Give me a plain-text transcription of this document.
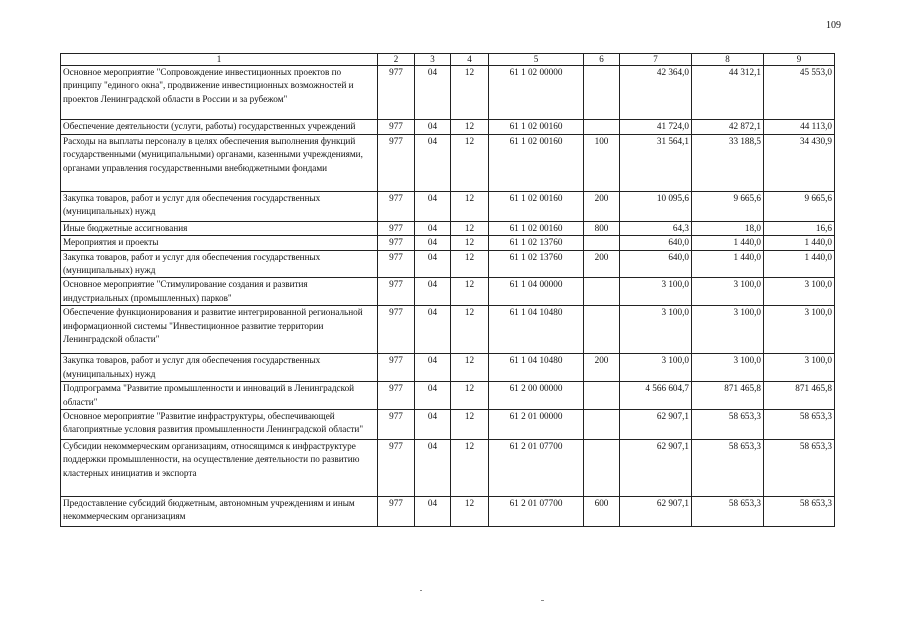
109
1	2	3	4	5	6	7	8	9
Основное мероприятие "Сопровождение инвестиционных проектов по принципу "единого окна", продвижение инвестиционных возможностей и проектов Ленинградской области в России и за рубежом"	977	04	12	61 1 02 00000		42 364,0	44 312,1	45 553,0
Обеспечение деятельности (услуги, работы) государственных учреждений	977	04	12	61 1 02 00160		41 724,0	42 872,1	44 113,0
Расходы на выплаты персоналу в целях обеспечения выполнения функций государственными (муниципальными) органами, казенными учреждениями, органами управления государственными внебюджетными фондами	977	04	12	61 1 02 00160	100	31 564,1	33 188,5	34 430,9
Закупка товаров, работ и услуг для обеспечения государственных (муниципальных) нужд	977	04	12	61 1 02 00160	200	10 095,6	9 665,6	9 665,6
Иные бюджетные ассигнования	977	04	12	61 1 02 00160	800	64,3	18,0	16,6
Мероприятия и проекты	977	04	12	61 1 02 13760		640,0	1 440,0	1 440,0
Закупка товаров, работ и услуг для обеспечения государственных (муниципальных) нужд	977	04	12	61 1 02 13760	200	640,0	1 440,0	1 440,0
Основное мероприятие "Стимулирование создания и развития индустриальных (промышленных) парков"	977	04	12	61 1 04 00000		3 100,0	3 100,0	3 100,0
Обеспечение функционирования и развитие интегрированной региональной информационной системы "Инвестиционное развитие территории Ленинградской области"	977	04	12	61 1 04 10480		3 100,0	3 100,0	3 100,0
Закупка товаров, работ и услуг для обеспечения государственных (муниципальных) нужд	977	04	12	61 1 04 10480	200	3 100,0	3 100,0	3 100,0
Подпрограмма "Развитие промышленности и инноваций в Ленинградской области"	977	04	12	61 2 00 00000		4 566 604,7	871 465,8	871 465,8
Основное мероприятие "Развитие инфраструктуры, обеспечивающей благоприятные условия развития промышленности Ленинградской области"	977	04	12	61 2 01 00000		62 907,1	58 653,3	58 653,3
Субсидии некоммерческим организациям, относящимся к инфраструктуре поддержки промышленности, на осуществление деятельности по развитию кластерных инициатив и экспорта	977	04	12	61 2 01 07700		62 907,1	58 653,3	58 653,3
Предоставление субсидий бюджетным, автономным учреждениям и иным некоммерческим организациям	977	04	12	61 2 01 07700	600	62 907,1	58 653,3	58 653,3
